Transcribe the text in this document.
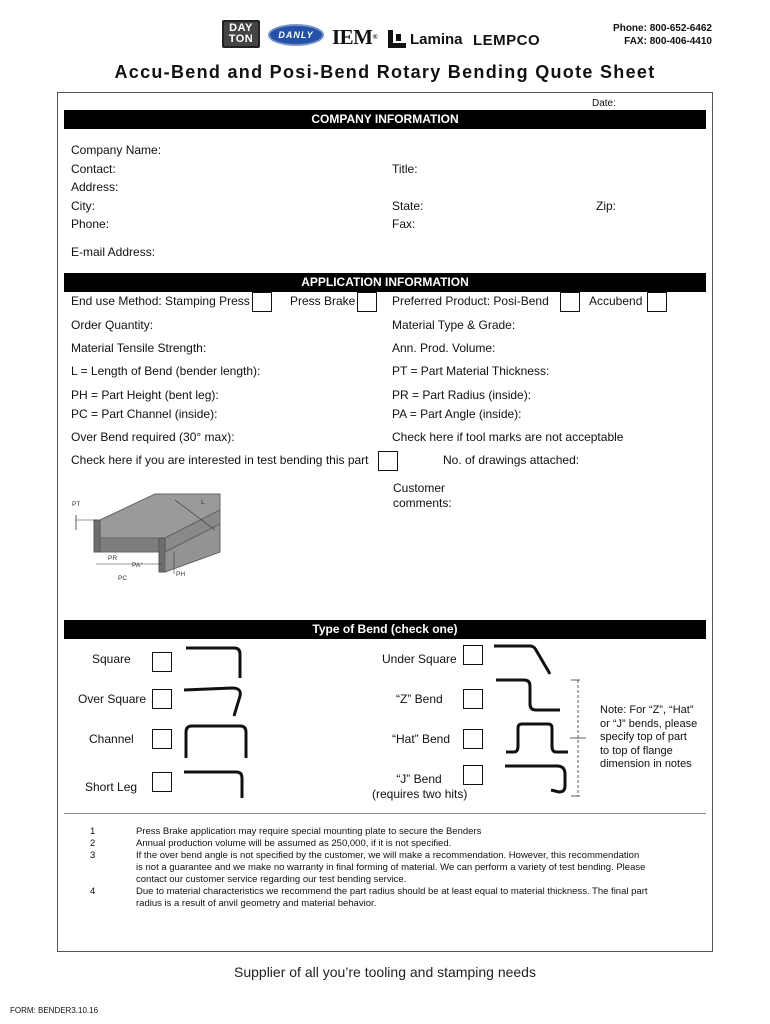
DAY
TON	DANLY IEM ® Lamina LEMPCO
Phone: 800-652-6462
FAX: 800-406-4410
Accu-Bend and Posi-Bend Rotary Bending Quote Sheet
Date:
COMPANY INFORMATION
Company Name:
Contact:	Title:
Address:
City:	State:	Zip:
Phone:	Fax:
E-mail Address:
APPLICATION INFORMATION
End use Method: Stamping Press	Press Brake	Preferred Product: Posi-Bend	Accubend
Order Quantity:	Material Type & Grade:
Material Tensile Strength:	Ann. Prod. Volume:
L = Length of Bend (bender length):	PT = Part Material Thickness:
PH = Part Height (bent leg):	PR = Part Radius (inside):
PC = Part Channel (inside):	PA = Part Angle (inside):
Over Bend required (30° max):	Check here if tool marks are not acceptable
Check here if you are interested in test bending this part	No. of drawings attached:
Customer
comments:
PT	L
PR
PA°
PC
PH
Type of Bend (check one)
Square
Over Square
Channel
Short Leg
Under Square
“Z” Bend
“Hat” Bend
“J” Bend
(requires two hits)
Note: For “Z”, “Hat”
or “J” bends, please
specify top of part
to top of flange
dimension in notes
1	Press Brake application may require special mounting plate to secure the Benders
2	Annual production volume will be assumed as 250,000, if it is not specified.
3	If the over bend angle is not specified by the customer, we will make a recommendation. However, this recommendation
is not a guarantee and we make no warranty in final forming of material. We can perform a variety of test bending. Please
contact our customer service regarding our test bending service.
4	Due to material characteristics we recommend the part radius should be at least equal to material thickness. The final part
radius is a result of anvil geometry and material behavior.
Supplier of all you’re tooling and stamping needs
FORM: BENDER3.10.16
